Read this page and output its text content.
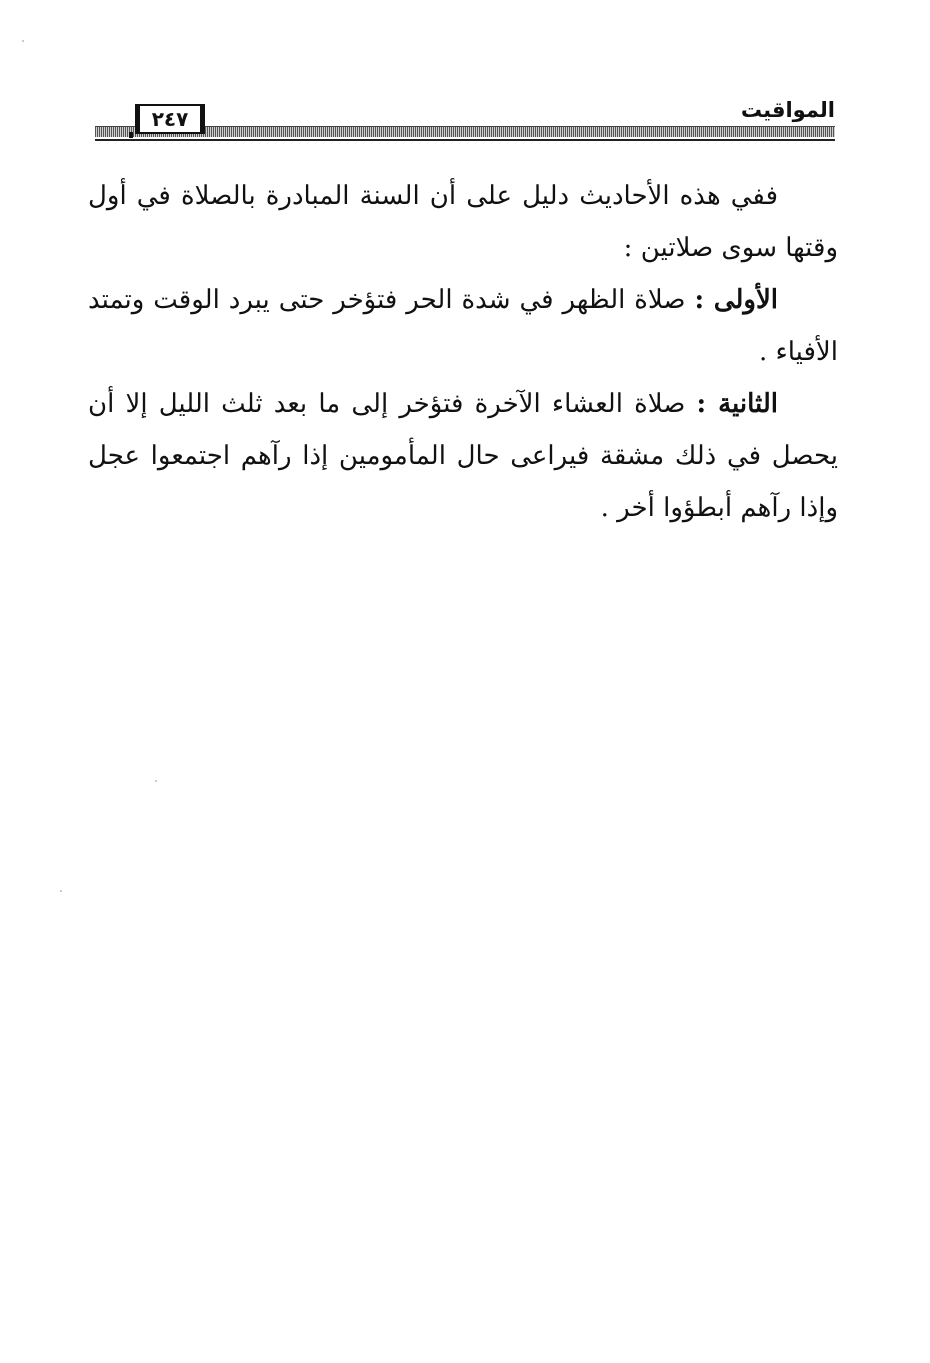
المواقيت
٢٤٧

ففي هذه الأحاديث دليل على أن السنة المبادرة بالصلاة في أول وقتها سوى صلاتين :

الأولى : صلاة الظهر في شدة الحر فتؤخر حتى يبرد الوقت وتمتد الأفياء .

الثانية : صلاة العشاء الآخرة فتؤخر إلى ما بعد ثلث الليل إلا أن يحصل في ذلك مشقة فيراعى حال المأمومين إذا رآهم اجتمعوا عجل وإذا رآهم أبطؤوا أخر .
